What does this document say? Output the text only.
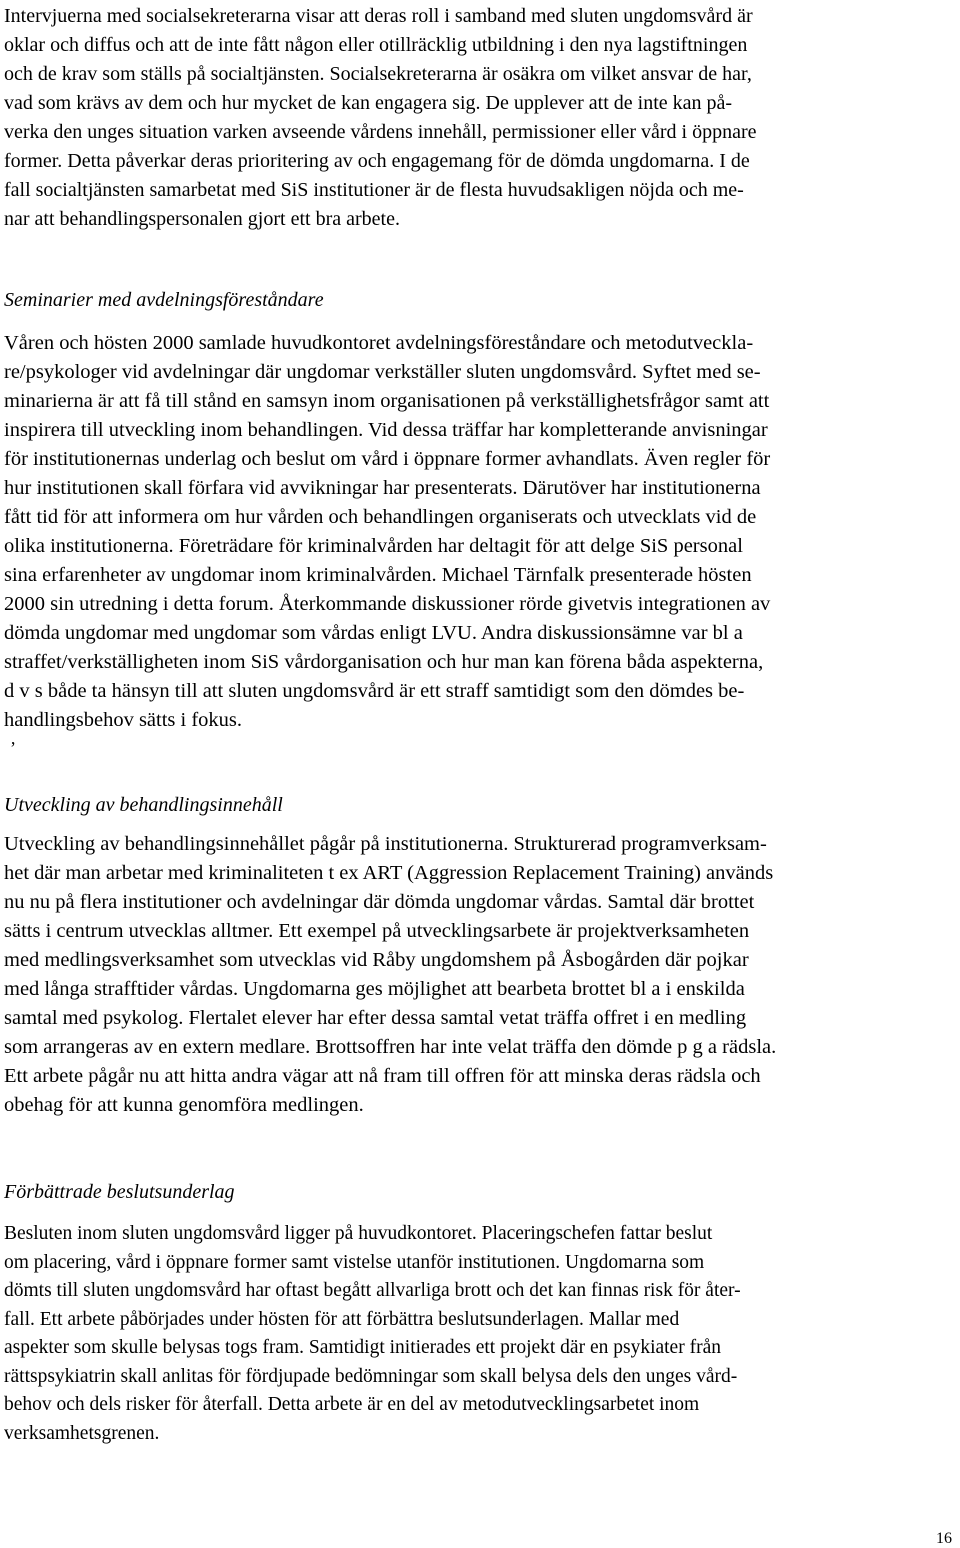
Intervjuerna med socialsekreterarna visar att deras roll i samband med sluten ungdomsvård är
oklar och diffus och att de inte fått någon eller otillräcklig utbildning i den nya lagstiftningen
och de krav som ställs på socialtjänsten. Socialsekreterarna är osäkra om vilket ansvar de har,
vad som krävs av dem och hur mycket de kan engagera sig. De upplever att de inte kan på-
verka den unges situation varken avseende vårdens innehåll, permissioner eller vård i öppnare
former. Detta påverkar deras prioritering av och engagemang för de dömda ungdomarna. I de
fall socialtjänsten samarbetat med SiS institutioner är de flesta huvudsakligen nöjda och me-
nar att behandlingspersonalen gjort ett bra arbete.
Seminarier med avdelningsföreståndare
Våren och hösten 2000 samlade huvudkontoret avdelningsföreståndare och metodutveckla-
re/psykologer vid avdelningar där ungdomar verkställer sluten ungdomsvård. Syftet med se-
minarierna är att få till stånd en samsyn inom organisationen på verkställighetsfrågor samt att
inspirera till utveckling inom behandlingen. Vid dessa träffar har kompletterande anvisningar
för institutionernas underlag och beslut om vård i öppnare former avhandlats. Även regler för
hur institutionen skall förfara vid avvikningar har presenterats. Därutöver har institutionerna
fått tid för att informera om hur vården och behandlingen organiserats och utvecklats vid de
olika institutionerna. Företrädare för kriminalvården har deltagit för att delge SiS personal
sina erfarenheter av ungdomar inom kriminalvården. Michael Tärnfalk presenterade hösten
2000 sin utredning i detta forum. Återkommande diskussioner rörde givetvis integrationen av
dömda ungdomar med ungdomar som vårdas enligt LVU. Andra diskussionsämne var bl a
straffet/verkställigheten inom SiS vårdorganisation och hur man kan förena båda aspekterna,
d v s både ta hänsyn till att sluten ungdomsvård är ett straff samtidigt som den dömdes be-
handlingsbehov sätts i fokus.
’
Utveckling av behandlingsinnehåll
Utveckling av behandlingsinnehållet pågår på institutionerna. Strukturerad programverksam-
het där man arbetar med kriminaliteten t ex ART (Aggression Replacement Training) används
nu nu på flera institutioner och avdelningar där dömda ungdomar vårdas. Samtal där brottet
sätts i centrum utvecklas alltmer. Ett exempel på utvecklingsarbete är projektverksamheten
med medlingsverksamhet som utvecklas vid Råby ungdomshem på Åsbogården där pojkar
med långa strafftider vårdas. Ungdomarna ges möjlighet att bearbeta brottet bl a i enskilda
samtal med psykolog. Flertalet elever har efter dessa samtal vetat träffa offret i en medling
som arrangeras av en extern medlare. Brottsoffren har inte velat träffa den dömde p g a rädsla.
Ett arbete pågår nu att hitta andra vägar att nå fram till offren för att minska deras rädsla och
obehag för att kunna genomföra medlingen.
Förbättrade beslutsunderlag
Besluten inom sluten ungdomsvård ligger på huvudkontoret. Placeringschefen fattar beslut
om placering, vård i öppnare former samt vistelse utanför institutionen. Ungdomarna som
dömts till sluten ungdomsvård har oftast begått allvarliga brott och det kan finnas risk för åter-
fall. Ett arbete påbörjades under hösten för att förbättra beslutsunderlagen. Mallar med
aspekter som skulle belysas togs fram. Samtidigt initierades ett projekt där en psykiater från
rättspsykiatrin skall anlitas för fördjupade bedömningar som skall belysa dels den unges vård-
behov och dels risker för återfall. Detta arbete är en del av metodutvecklingsarbetet inom
verksamhetsgrenen.
16
